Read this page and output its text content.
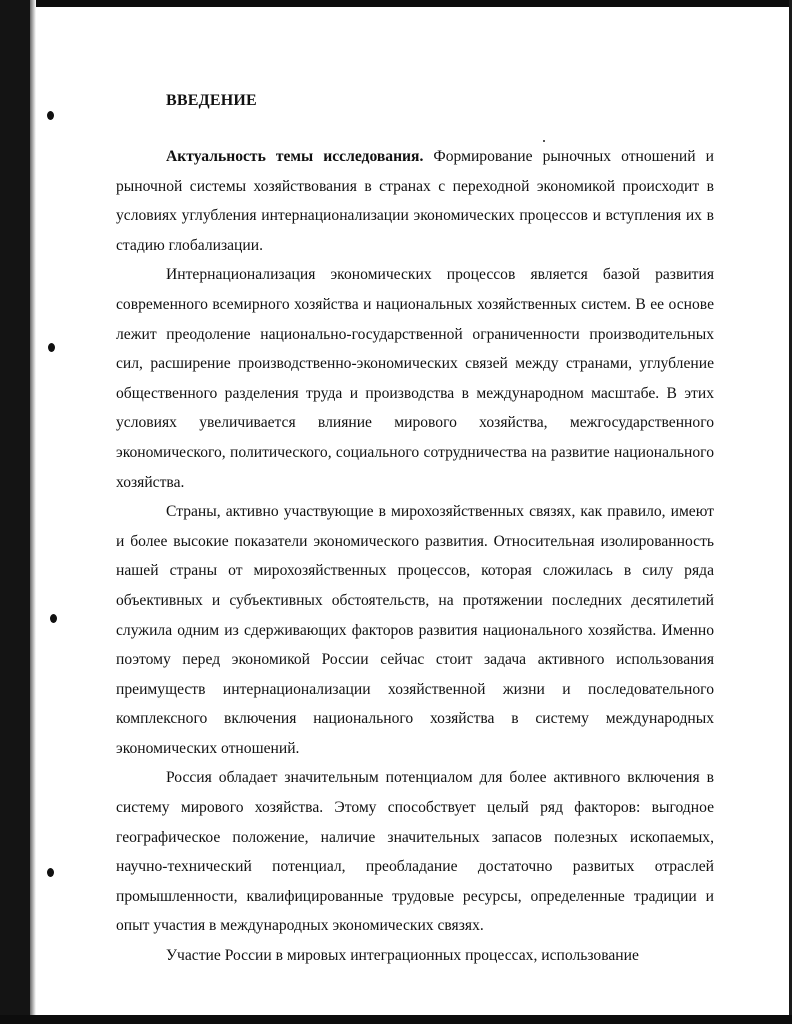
ВВЕДЕНИЕ

Актуальность темы исследования. Формирование рыночных отношений и рыночной системы хозяйствования в странах с переходной экономикой происходит в условиях углубления интернационализации экономических процессов и вступления их в стадию глобализации.

Интернационализация экономических процессов является базой развития современного всемирного хозяйства и национальных хозяйственных систем. В ее основе лежит преодоление национально-государственной ограниченности производительных сил, расширение производственно-экономических связей между странами, углубление общественного разделения труда и производства в международном масштабе. В этих условиях увеличивается влияние мирового хозяйства, межгосударственного экономического, политического, социального сотрудничества на развитие национального хозяйства.

Страны, активно участвующие в мирохозяйственных связях, как правило, имеют и более высокие показатели экономического развития. Относительная изолированность нашей страны от мирохозяйственных процессов, которая сложилась в силу ряда объективных и субъективных обстоятельств, на протяжении последних десятилетий служила одним из сдерживающих факторов развития национального хозяйства. Именно поэтому перед экономикой России сейчас стоит задача активного использования преимуществ интернационализации хозяйственной жизни и последовательного комплексного включения национального хозяйства в систему международных экономических отношений.

Россия обладает значительным потенциалом для более активного включения в систему мирового хозяйства. Этому способствует целый ряд факторов: выгодное географическое положение, наличие значительных запасов полезных ископаемых, научно-технический потенциал, преобладание достаточно развитых отраслей промышленности, квалифицированные трудовые ресурсы, определенные традиции и опыт участия в международных экономических связях.

Участие России в мировых интеграционных процессах, использование
